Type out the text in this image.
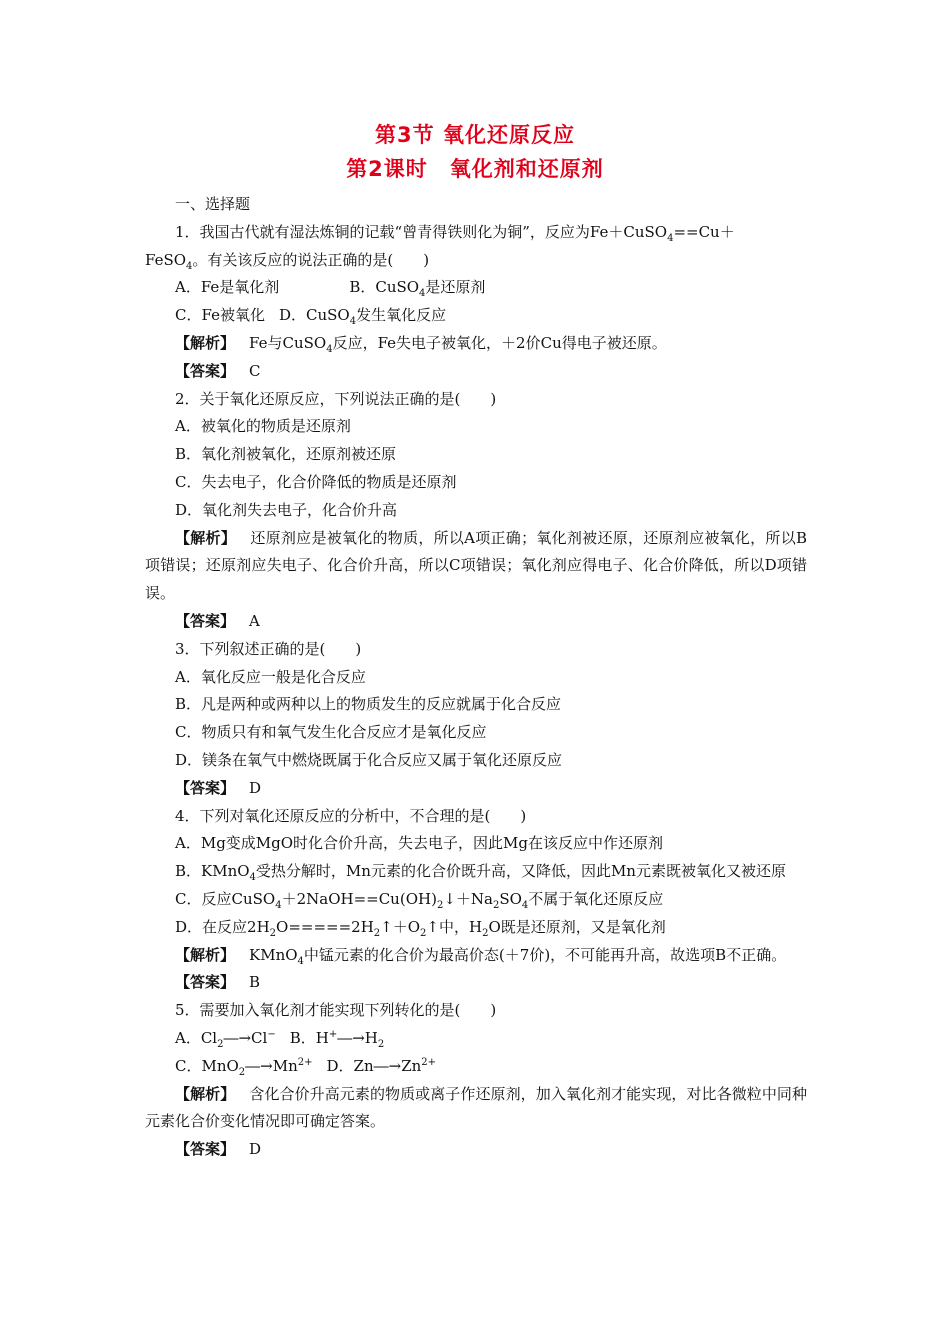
第3节 氧化还原反应
第2课时　氧化剂和还原剂

一、选择题

1．我国古代就有湿法炼铜的记载“曾青得铁则化为铜”，反应为Fe＋CuSO$_4$==Cu＋

FeSO$_4$。有关该反应的说法正确的是(　　)

A．Fe是氧化剂	B．CuSO$_4$是还原剂

C．Fe被氧化 D．CuSO$_4$发生氧化反应

【解析】 Fe与CuSO$_4$反应，Fe失电子被氧化，＋2价Cu得电子被还原。

【答案】 C

2．关于氧化还原反应，下列说法正确的是(　　)

A．被氧化的物质是还原剂

B．氧化剂被氧化，还原剂被还原

C．失去电子，化合价降低的物质是还原剂

D．氧化剂失去电子，化合价升高

【解析】 还原剂应是被氧化的物质，所以A项正确；氧化剂被还原，还原剂应被氧化，所以B项错误；还原剂应失电子、化合价升高，所以C项错误；氧化剂应得电子、化合价降低，所以D项错误。

【答案】 A

3．下列叙述正确的是(　　)

A．氧化反应一般是化合反应

B．凡是两种或两种以上的物质发生的反应就属于化合反应

C．物质只有和氧气发生化合反应才是氧化反应

D．镁条在氧气中燃烧既属于化合反应又属于氧化还原反应

【答案】 D

4．下列对氧化还原反应的分析中，不合理的是(　　)

A．Mg变成MgO时化合价升高，失去电子，因此Mg在该反应中作还原剂

B．KMnO$_4$受热分解时，Mn元素的化合价既升高，又降低，因此Mn元素既被氧化又被还原

C．反应$CuSO_4+2NaOH==Cu(OH)_2↓+Na_2SO_4$不属于氧化还原反应

D．在反应$2H_2O=====2H_2↑+O_2↑$中，$H_2O$既是还原剂，又是氧化剂

【解析】 KMnO$_4$中锰元素的化合价为最高价态(＋7价)，不可能再升高，故选项B不正确。

【答案】 B

5．需要加入氧化剂才能实现下列转化的是(　　)

A．$Cl_2―\to Cl^-$ B．$H^+―\to H_2$

C．$MnO_2―\to Mn^{2+}$ D．$Zn―\to Zn^{2+}$

【解析】 含化合价升高元素的物质或离子作还原剂，加入氧化剂才能实现，对比各微粒中同种元素化合价变化情况即可确定答案。

【答案】 D
